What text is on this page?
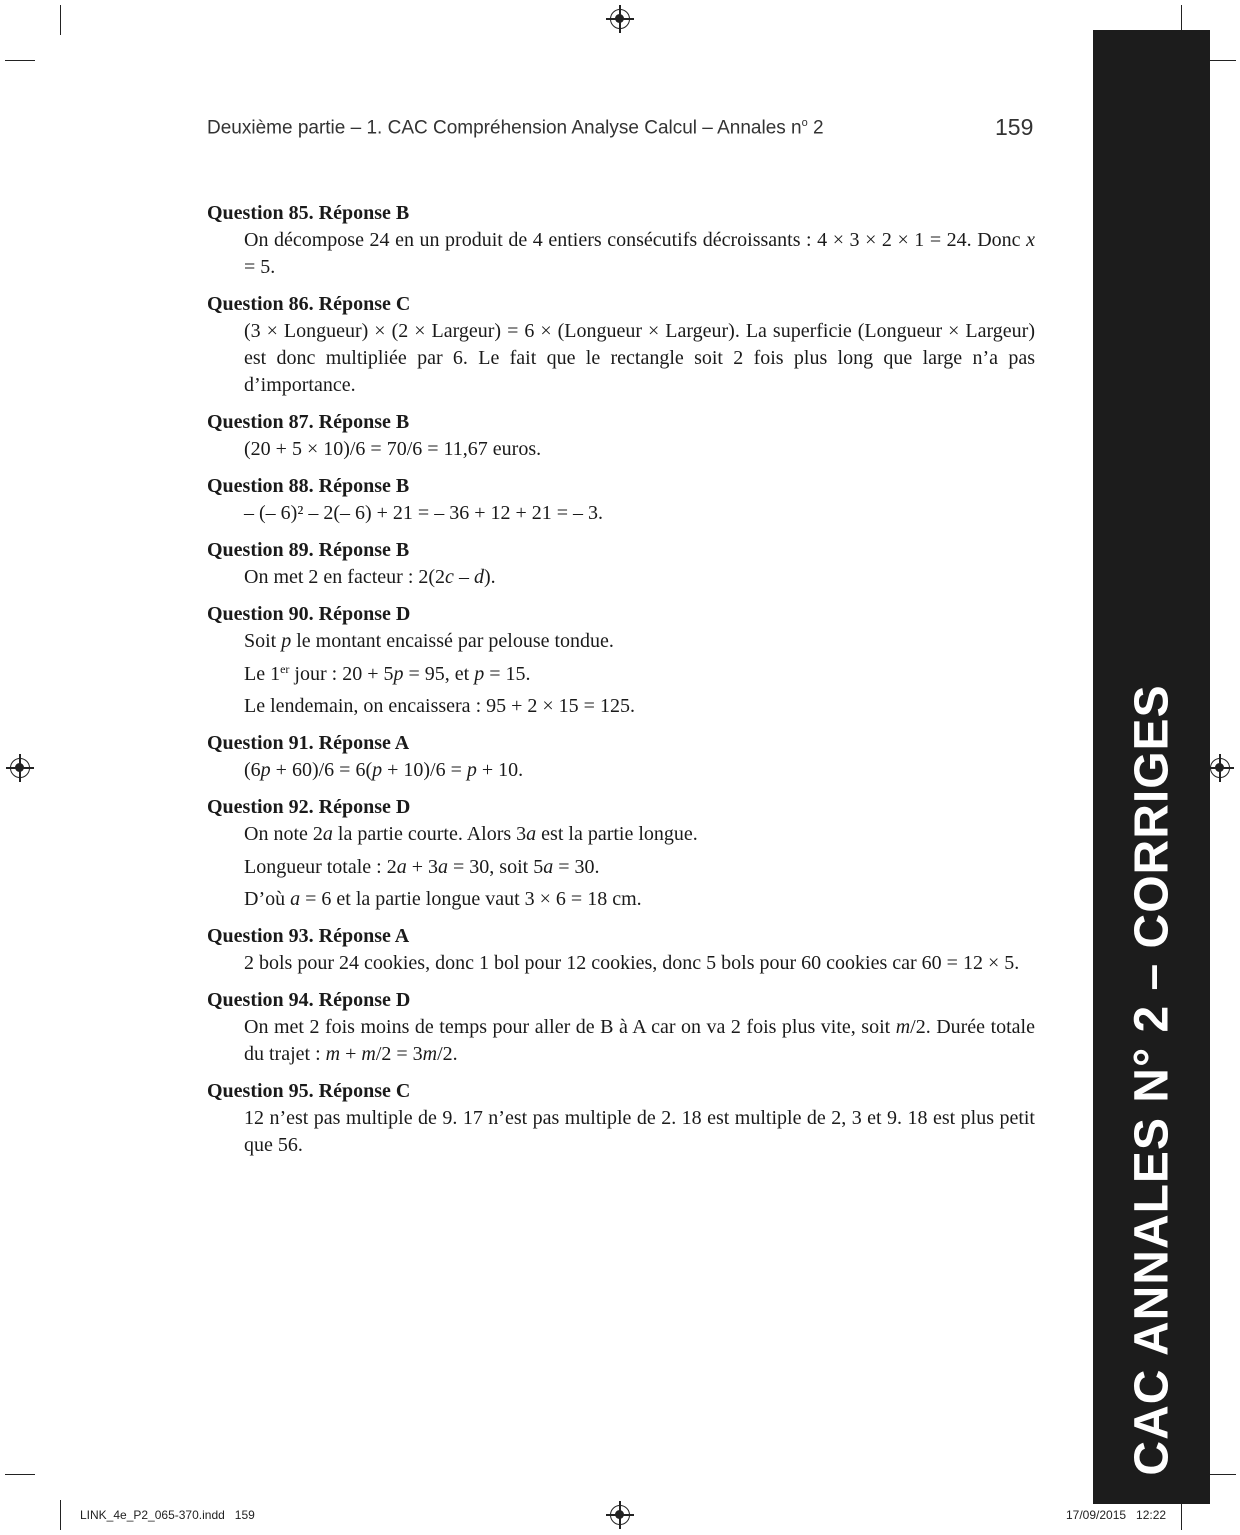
Deuxième partie – 1. CAC Compréhension Analyse Calcul – Annales $n^o$ 2	159
CAC ANNALES N° 2 – CORRIGES

Question 85. Réponse B

On décompose 24 en un produit de 4 entiers consécutifs décroissants : 4 × 3 × 2 × 1 = 24. Donc x = 5.

Question 86. Réponse C

(3 × Longueur) × (2 × Largeur) = 6 × (Longueur × Largeur). La superficie (Longueur × Largeur) est donc multipliée par 6. Le fait que le rectangle soit 2 fois plus long que large n’a pas d’importance.

Question 87. Réponse B

(20 + 5 × 10)/6 = 70/6 = 11,67 euros.

Question 88. Réponse B

– (– 6)² – 2(– 6) + 21 = – 36 + 12 + 21 = – 3.

Question 89. Réponse B

On met 2 en facteur : 2(2c – d).

Question 90. Réponse D

Soit p le montant encaissé par pelouse tondue.

Le 1er jour : 20 + 5p = 95, et p = 15.

Le lendemain, on encaissera : 95 + 2 × 15 = 125.

Question 91. Réponse A

(6p + 60)/6 = 6(p + 10)/6 = p + 10.

Question 92. Réponse D

On note 2a la partie courte. Alors 3a est la partie longue.

Longueur totale : 2a + 3a = 30, soit 5a = 30.

D’où a = 6 et la partie longue vaut 3 × 6 = 18 cm.

Question 93. Réponse A

2 bols pour 24 cookies, donc 1 bol pour 12 cookies, donc 5 bols pour 60 cookies car 60 = 12 × 5.

Question 94. Réponse D

On met 2 fois moins de temps pour aller de B à A car on va 2 fois plus vite, soit m/2. Durée totale du trajet : m + m/2 = 3m/2.

Question 95. Réponse C

12 n’est pas multiple de 9. 17 n’est pas multiple de 2. 18 est multiple de 2, 3 et 9. 18 est plus petit que 56.

LINK_4e_P2_065-370.indd   159	17/09/2015   12:22
